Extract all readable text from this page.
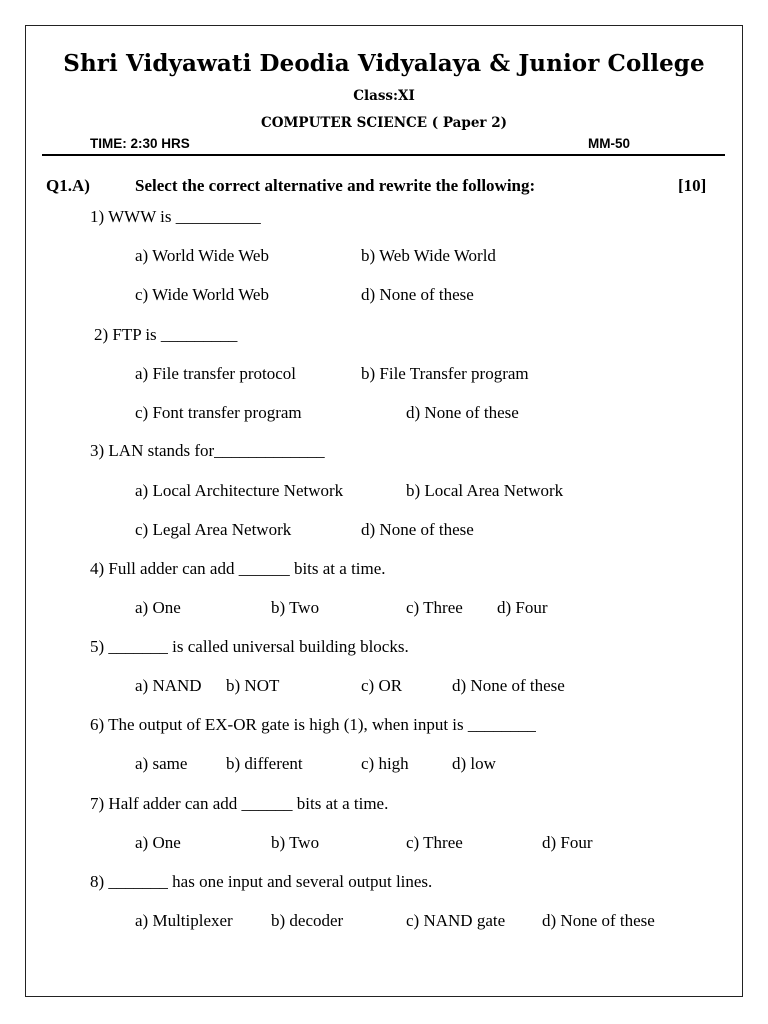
Shri Vidyawati Deodia Vidyalaya & Junior College
Class:XI
COMPUTER SCIENCE ( Paper 2)
TIME: 2:30 HRS	MM-50
Q1.A)	Select the correct alternative and rewrite the following:	[10]
1) WWW is __________
a) World Wide Web	b) Web Wide World
c) Wide World Web	d) None of these
2) FTP is _________
a) File transfer protocol	b) File Transfer program
c) Font transfer program	d) None of these
3) LAN stands for_____________
a) Local Architecture Network	b) Local Area Network
c) Legal Area Network	d) None of these
4) Full adder can add ______ bits at a time.
a) One	b) Two	c) Three d) Four
5) _______ is called universal building blocks.
a) NAND b) NOT	c) OR	d) None of these
6) The output of EX-OR gate is high (1), when input is ________
a) same b) different	c) high	d) low
7) Half adder can add ______ bits at a time.
a) One	b) Two	c) Three	d) Four
8) _______ has one input and several output lines.
a) Multiplexer b) decoder	c) NAND gate d) None of these
